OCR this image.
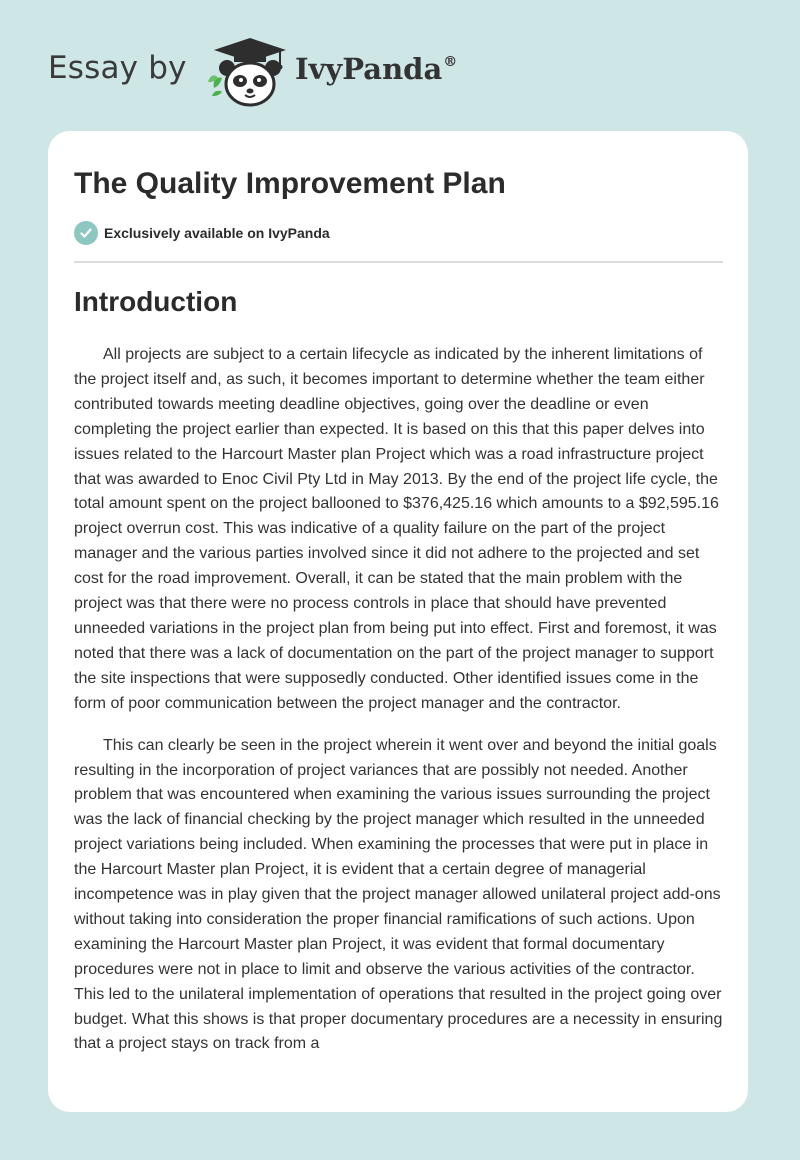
Essay by	IvyPanda®
The Quality Improvement Plan
Exclusively available on IvyPanda
Introduction

All projects are subject to a certain lifecycle as indicated by the inherent limitations of the project itself and, as such, it becomes important to determine whether the team either contributed towards meeting deadline objectives, going over the deadline or even completing the project earlier than expected. It is based on this that this paper delves into issues related to the Harcourt Master plan Project which was a road infrastructure project that was awarded to Enoc Civil Pty Ltd in May 2013. By the end of the project life cycle, the total amount spent on the project ballooned to $376,425.16 which amounts to a $92,595.16 project overrun cost. This was indicative of a quality failure on the part of the project manager and the various parties involved since it did not adhere to the projected and set cost for the road improvement. Overall, it can be stated that the main problem with the project was that there were no process controls in place that should have prevented unneeded variations in the project plan from being put into effect. First and foremost, it was noted that there was a lack of documentation on the part of the project manager to support the site inspections that were supposedly conducted. Other identified issues come in the form of poor communication between the project manager and the contractor.

This can clearly be seen in the project wherein it went over and beyond the initial goals resulting in the incorporation of project variances that are possibly not needed. Another problem that was encountered when examining the various issues surrounding the project was the lack of financial checking by the project manager which resulted in the unneeded project variations being included. When examining the processes that were put in place in the Harcourt Master plan Project, it is evident that a certain degree of managerial incompetence was in play given that the project manager allowed unilateral project add-ons without taking into consideration the proper financial ramifications of such actions. Upon examining the Harcourt Master plan Project, it was evident that formal documentary procedures were not in place to limit and observe the various activities of the contractor. This led to the unilateral implementation of operations that resulted in the project going over budget. What this shows is that proper documentary procedures are a necessity in ensuring that a project stays on track from a
